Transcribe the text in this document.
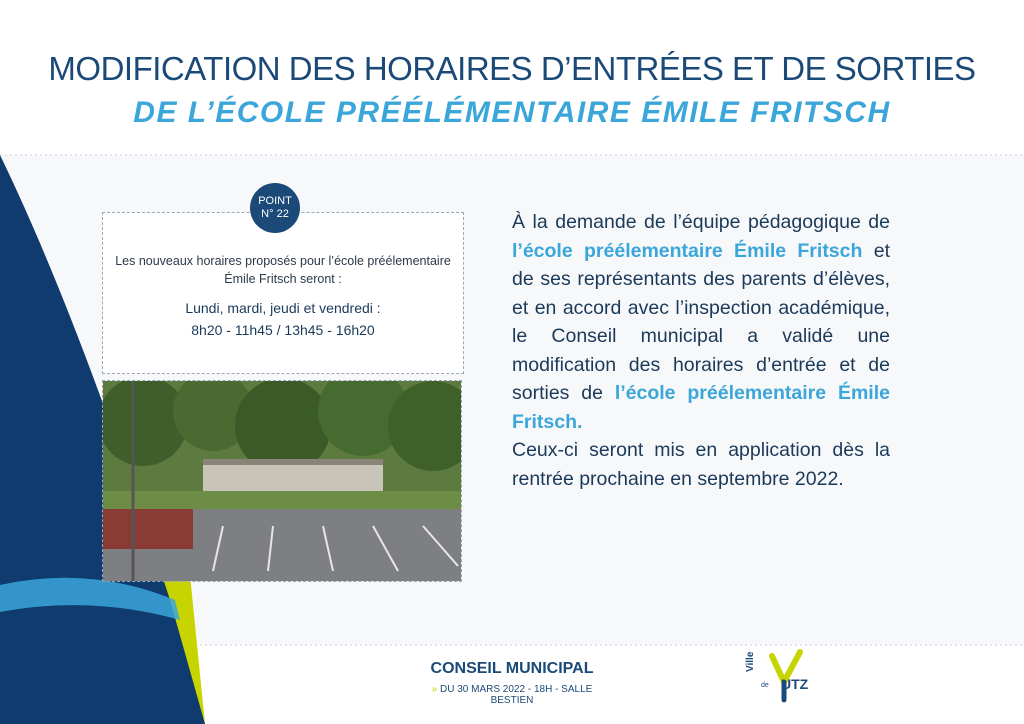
MODIFICATION DES HORAIRES D’ENTRÉES ET DE SORTIES
DE L’ÉCOLE PRÉÉLÉMENTAIRE ÉMILE FRITSCH
POINT
N° 22
Les nouveaux horaires proposés pour l’école préélementaire Émile Fritsch seront :
Lundi, mardi, jeudi et vendredi :
8h20 - 11h45 / 13h45 - 16h20

À la demande de l’équipe pédagogique de l’école préélementaire Émile Fritsch et de ses représentants des parents d’élèves, et en accord avec l’inspection académique, le Conseil municipal a validé une modification des horaires d’entrée et de sorties de l’école préélementaire Émile Fritsch.

Ceux-ci seront mis en application dès la rentrée prochaine en septembre 2022.

CONSEIL MUNICIPAL
» DU 30 MARS 2022 - 18H - SALLE BESTIEN
Ville
de UTZ
